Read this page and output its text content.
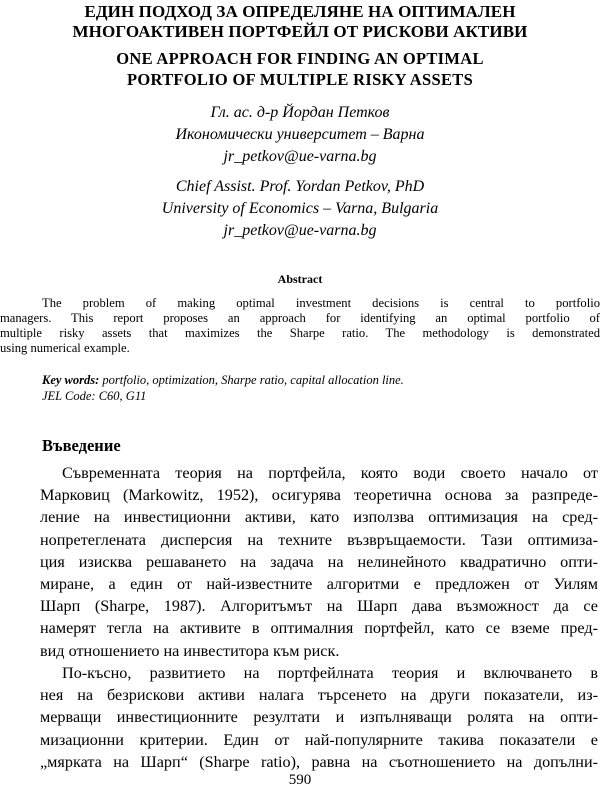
ЕДИН ПОДХОД ЗА ОПРЕДЕЛЯНЕ НА ОПТИМАЛЕН
МНОГОАКТИВЕН ПОРТФЕЙЛ ОТ РИСКОВИ АКТИВИ
ONE APPROACH FOR FINDING AN OPTIMAL
PORTFOLIO OF MULTIPLE RISKY ASSETS
Гл. ас. д-р Йордан Петков
Икономически университет – Варна
jr_petkov@ue-varna.bg
Chief Assist. Prof. Yordan Petkov, PhD
University of Economics – Varna, Bulgaria
jr_petkov@ue-varna.bg
Abstract
The problem of making optimal investment decisions is central to portfolio
managers. This report proposes an approach for identifying an optimal portfolio of
multiple risky assets that maximizes the Sharpe ratio. The methodology is demonstrated
using numerical example.
Key words: portfolio, optimization, Sharpe ratio, capital allocation line.
JEL Code: C60, G11
Въведение
Съвременната теория на портфейла, която води своето начало от
Марковиц (Markowitz, 1952), осигурява теоретична основа за разпреде-
ление на инвестиционни активи, като използва оптимизация на сред-
нопретеглената дисперсия на техните възвръщаемости. Тази оптимиза-
ция изисква решаването на задача на нелинейното квадратично опти-
миране, а един от най-известните алгоритми е предложен от Уилям
Шарп (Sharpe, 1987). Алгоритъмът на Шарп дава възможност да се
намерят тегла на активите в оптималния портфейл, като се вземе пред-
вид отношението на инвеститора към риск.
По-късно, развитието на портфейлната теория и включването в
нея на безрискови активи налага търсенето на други показатели, из-
мерващи инвестиционните резултати и изпълняващи ролята на опти-
мизационни критерии. Един от най-популярните такива показатели е
„мярката на Шарп“ (Sharpe ratio), равна на съотношението на допълни-
590
